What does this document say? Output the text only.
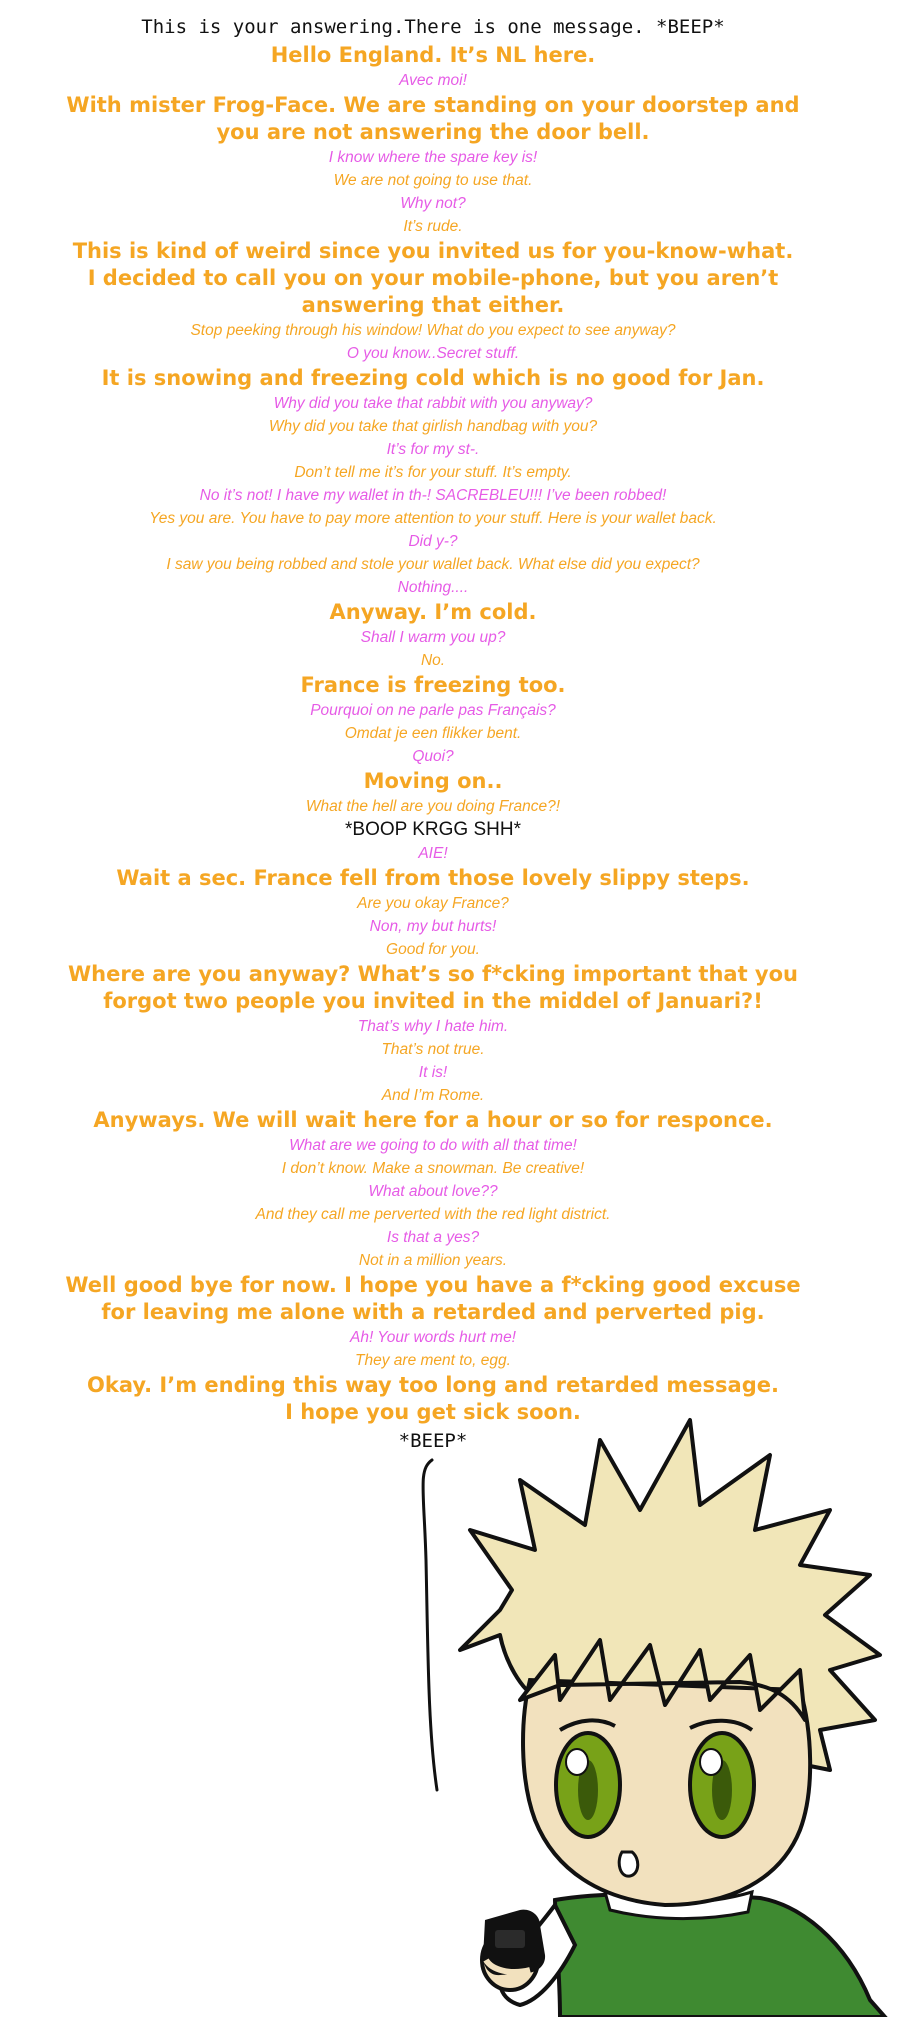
This is your answering.There is one message. *BEEP*
Hello England. It’s NL here.
Avec moi!
With mister Frog-Face. We are standing on your doorstep and
you are not answering the door bell.
I know where the spare key is!
We are not going to use that.
Why not?
It’s rude.
This is kind of weird since you invited us for you-know-what.
I decided to call you on your mobile-phone, but you aren’t
answering that either.
Stop peeking through his window! What do you expect to see anyway?
O you know..Secret stuff.
It is snowing and freezing cold which is no good for Jan.
Why did you take that rabbit with you anyway?
Why did you take that girlish handbag with you?
It’s for my st-.
Don’t tell me it’s for your stuff. It’s empty.
No it’s not! I have my wallet in th-! SACREBLEU!!! I’ve been robbed!
Yes you are. You have to pay more attention to your stuff. Here is your wallet back.
Did y-?
I saw you being robbed and stole your wallet back. What else did you expect?
Nothing....
Anyway. I’m cold.
Shall I warm you up?
No.
France is freezing too.
Pourquoi on ne parle pas Français?
Omdat je een flikker bent.
Quoi?
Moving on..
What the hell are you doing France?!
*BOOP KRGG SHH*
AIE!
Wait a sec. France fell from those lovely slippy steps.
Are you okay France?
Non, my but hurts!
Good for you.
Where are you anyway? What’s so f*cking important that you
forgot two people you invited in the middel of Januari?!
That’s why I hate him.
That’s not true.
It is!
And I’m Rome.
Anyways. We will wait here for a hour or so for responce.
What are we going to do with all that time!
I don’t know. Make a snowman. Be creative!
What about love??
And they call me perverted with the red light district.
Is that a yes?
Not in a million years.
Well good bye for now. I hope you have a f*cking good excuse
for leaving me alone with a retarded and perverted pig.
Ah! Your words hurt me!
They are ment to, egg.
Okay. I’m ending this way too long and retarded message.
I hope you get sick soon.
*BEEP*
